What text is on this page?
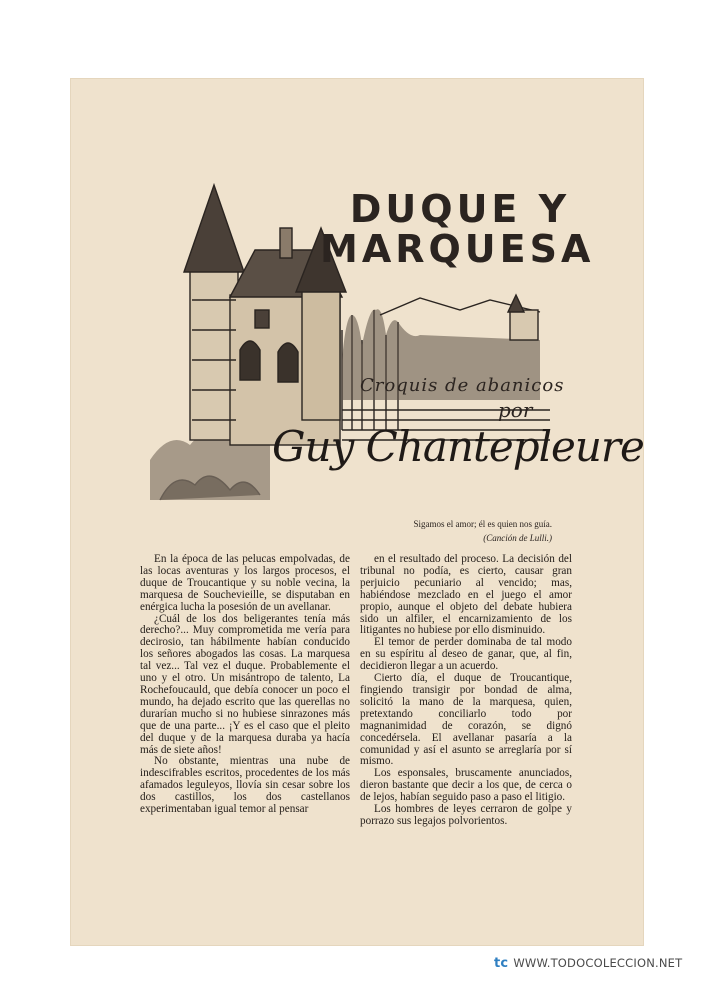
DUQUE Y
MARQUESA
Croquis de abanicos
por
Guy Chantepleure
Sigamos el amor; él es quien nos guía.
(Canción de Lulli.)

En la época de las pelucas empolvadas, de las locas aventuras y los largos procesos, el duque de Troucantique y su noble vecina, la marquesa de Souchevieille, se disputaban en enérgica lucha la posesión de un avellanar.

¿Cuál de los dos beligerantes tenía más derecho?... Muy comprometida me vería para decirosio, tan hábilmente habían conducido los señores abogados las cosas. La marquesa tal vez... Tal vez el duque. Probablemente el uno y el otro. Un misántropo de talento, La Rochefoucauld, que debía conocer un poco el mundo, ha dejado escrito que las querellas no durarían mucho si no hubiese sinrazones más que de una parte... ¡Y es el caso que el pleito del duque y de la marquesa duraba ya hacía más de siete años!

No obstante, mientras una nube de indescifrables escritos, procedentes de los más afamados leguleyos, llovía sin cesar sobre los dos castillos, los dos castellanos experimentaban igual temor al pensar

en el resultado del proceso. La decisión del tribunal no podía, es cierto, causar gran perjuicio pecuniario al vencido; mas, habiéndose mezclado en el juego el amor propio, aunque el objeto del debate hubiera sido un alfiler, el encarnizamiento de los litigantes no hubiese por ello disminuido.

El temor de perder dominaba de tal modo en su espíritu al deseo de ganar, que, al fin, decidieron llegar a un acuerdo.

Cierto día, el duque de Troucantique, fingiendo transigir por bondad de alma, solicitó la mano de la marquesa, quien, pretextando conciliarlo todo por magnanimidad de corazón, se dignó concedérsela. El avellanar pasaría a la comunidad y así el asunto se arreglaría por sí mismo.

Los esponsales, bruscamente anunciados, dieron bastante que decir a los que, de cerca o de lejos, habían seguido paso a paso el litigio.

Los hombres de leyes cerraron de golpe y porrazo sus legajos polvorientos.

tc WWW.TODOCOLECCION.NET
